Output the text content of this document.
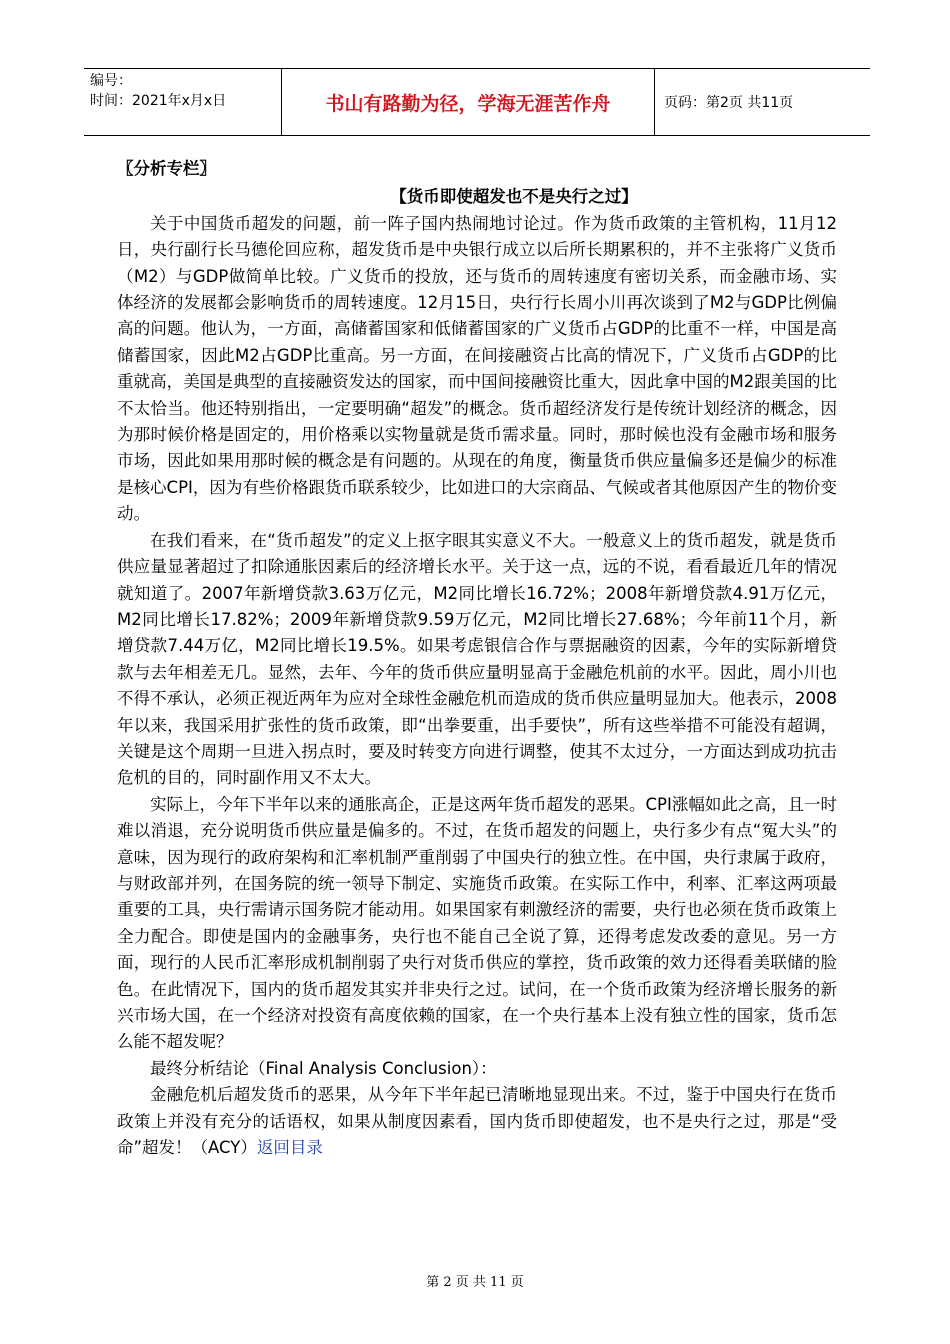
编号：
时间：2021年x月x日	书山有路勤为径，学海无涯苦作舟	页码：第2页 共11页
〖分析专栏〗
【货币即使超发也不是央行之过】

关于中国货币超发的问题，前一阵子国内热闹地讨论过。作为货币政策的主管机构，11月12日，央行副行长马德伦回应称，超发货币是中央银行成立以后所长期累积的，并不主张将广义货币（M2）与GDP做简单比较。广义货币的投放，还与货币的周转速度有密切关系，而金融市场、实体经济的发展都会影响货币的周转速度。12月15日，央行行长周小川再次谈到了M2与GDP比例偏高的问题。他认为，一方面，高储蓄国家和低储蓄国家的广义货币占GDP的比重不一样，中国是高储蓄国家，因此M2占GDP比重高。另一方面，在间接融资占比高的情况下，广义货币占GDP的比重就高，美国是典型的直接融资发达的国家，而中国间接融资比重大，因此拿中国的M2跟美国的比不太恰当。他还特别指出，一定要明确“超发”的概念。货币超经济发行是传统计划经济的概念，因为那时候价格是固定的，用价格乘以实物量就是货币需求量。同时，那时候也没有金融市场和服务市场，因此如果用那时候的概念是有问题的。从现在的角度，衡量货币供应量偏多还是偏少的标准是核心CPI，因为有些价格跟货币联系较少，比如进口的大宗商品、气候或者其他原因产生的物价变动。

在我们看来，在“货币超发”的定义上抠字眼其实意义不大。一般意义上的货币超发，就是货币供应量显著超过了扣除通胀因素后的经济增长水平。关于这一点，远的不说，看看最近几年的情况就知道了。2007年新增贷款3.63万亿元，M2同比增长16.72%；2008年新增贷款4.91万亿元，M2同比增长17.82%；2009年新增贷款9.59万亿元，M2同比增长27.68%；今年前11个月，新增贷款7.44万亿，M2同比增长19.5%。如果考虑银信合作与票据融资的因素，今年的实际新增贷款与去年相差无几。显然，去年、今年的货币供应量明显高于金融危机前的水平。因此，周小川也不得不承认，必须正视近两年为应对全球性金融危机而造成的货币供应量明显加大。他表示，2008年以来，我国采用扩张性的货币政策，即“出拳要重，出手要快”，所有这些举措不可能没有超调，关键是这个周期一旦进入拐点时，要及时转变方向进行调整，使其不太过分，一方面达到成功抗击危机的目的，同时副作用又不太大。

实际上，今年下半年以来的通胀高企，正是这两年货币超发的恶果。CPI涨幅如此之高，且一时难以消退，充分说明货币供应量是偏多的。不过，在货币超发的问题上，央行多少有点“冤大头”的意味，因为现行的政府架构和汇率机制严重削弱了中国央行的独立性。在中国，央行隶属于政府，与财政部并列，在国务院的统一领导下制定、实施货币政策。在实际工作中，利率、汇率这两项最重要的工具，央行需请示国务院才能动用。如果国家有刺激经济的需要，央行也必须在货币政策上全力配合。即使是国内的金融事务，央行也不能自己全说了算，还得考虑发改委的意见。另一方面，现行的人民币汇率形成机制削弱了央行对货币供应的掌控，货币政策的效力还得看美联储的脸色。在此情况下，国内的货币超发其实并非央行之过。试问，在一个货币政策为经济增长服务的新兴市场大国，在一个经济对投资有高度依赖的国家，在一个央行基本上没有独立性的国家，货币怎么能不超发呢？

最终分析结论（Final Analysis Conclusion）：

金融危机后超发货币的恶果，从今年下半年起已清晰地显现出来。不过，鉴于中国央行在货币政策上并没有充分的话语权，如果从制度因素看，国内货币即使超发，也不是央行之过，那是“受命”超发！（ACY）返回目录

第 2 页 共 11 页
